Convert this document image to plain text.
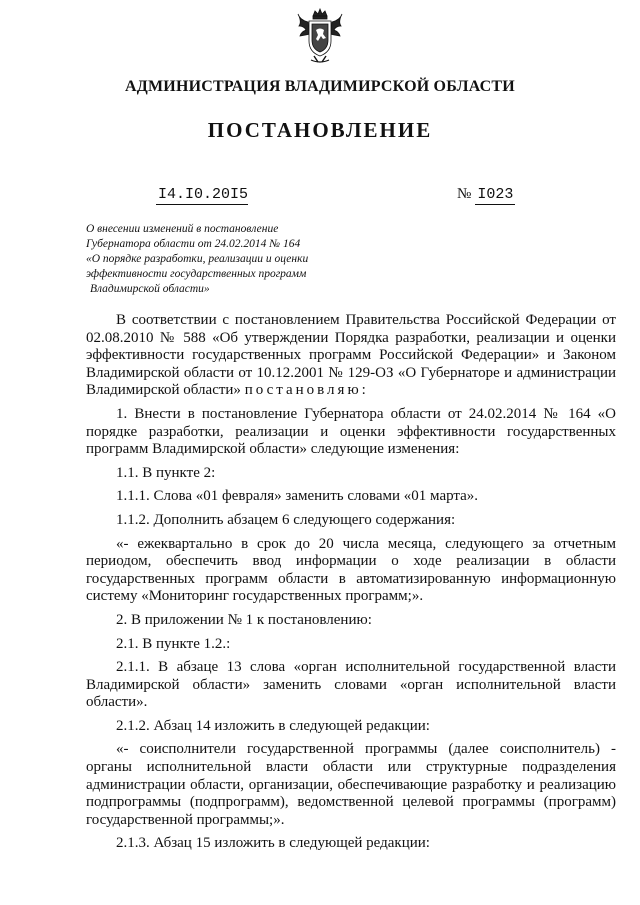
АДМИНИСТРАЦИЯ ВЛАДИМИРСКОЙ ОБЛАСТИ
ПОСТАНОВЛЕНИЕ
I4.I0.20I5	№ I023
О внесении изменений в постановление
Губернатора области от 24.02.2014 № 164
«О порядке разработки, реализации и оценки
эффективности государственных программ
Владимирской области»

В соответствии с постановлением Правительства Российской Федерации от 02.08.2010 № 588 «Об утверждении Порядка разработки, реализации и оценки эффективности государственных программ Российской Федерации» и Законом Владимирской области от 10.12.2001 № 129-ОЗ «О Губернаторе и администрации Владимирской области» постановляю:

1. Внести в постановление Губернатора области от 24.02.2014 № 164 «О порядке разработки, реализации и оценки эффективности государственных программ Владимирской области» следующие изменения:

1.1. В пункте 2:

1.1.1. Слова «01 февраля» заменить словами «01 марта».

1.1.2. Дополнить абзацем 6 следующего содержания:

«- ежеквартально в срок до 20 числа месяца, следующего за отчетным периодом, обеспечить ввод информации о ходе реализации в области государственных программ области в автоматизированную информационную систему «Мониторинг государственных программ;».

2. В приложении № 1 к постановлению:

2.1. В пункте 1.2.:

2.1.1. В абзаце 13 слова «орган исполнительной государственной власти Владимирской области» заменить словами «орган исполнительной власти области».

2.1.2. Абзац 14 изложить в следующей редакции:

«- соисполнители государственной программы (далее соисполнитель) - органы исполнительной власти области или структурные подразделения администрации области, организации, обеспечивающие разработку и реализацию подпрограммы (подпрограмм), ведомственной целевой программы (программ) государственной программы;».

2.1.3. Абзац 15 изложить в следующей редакции:
